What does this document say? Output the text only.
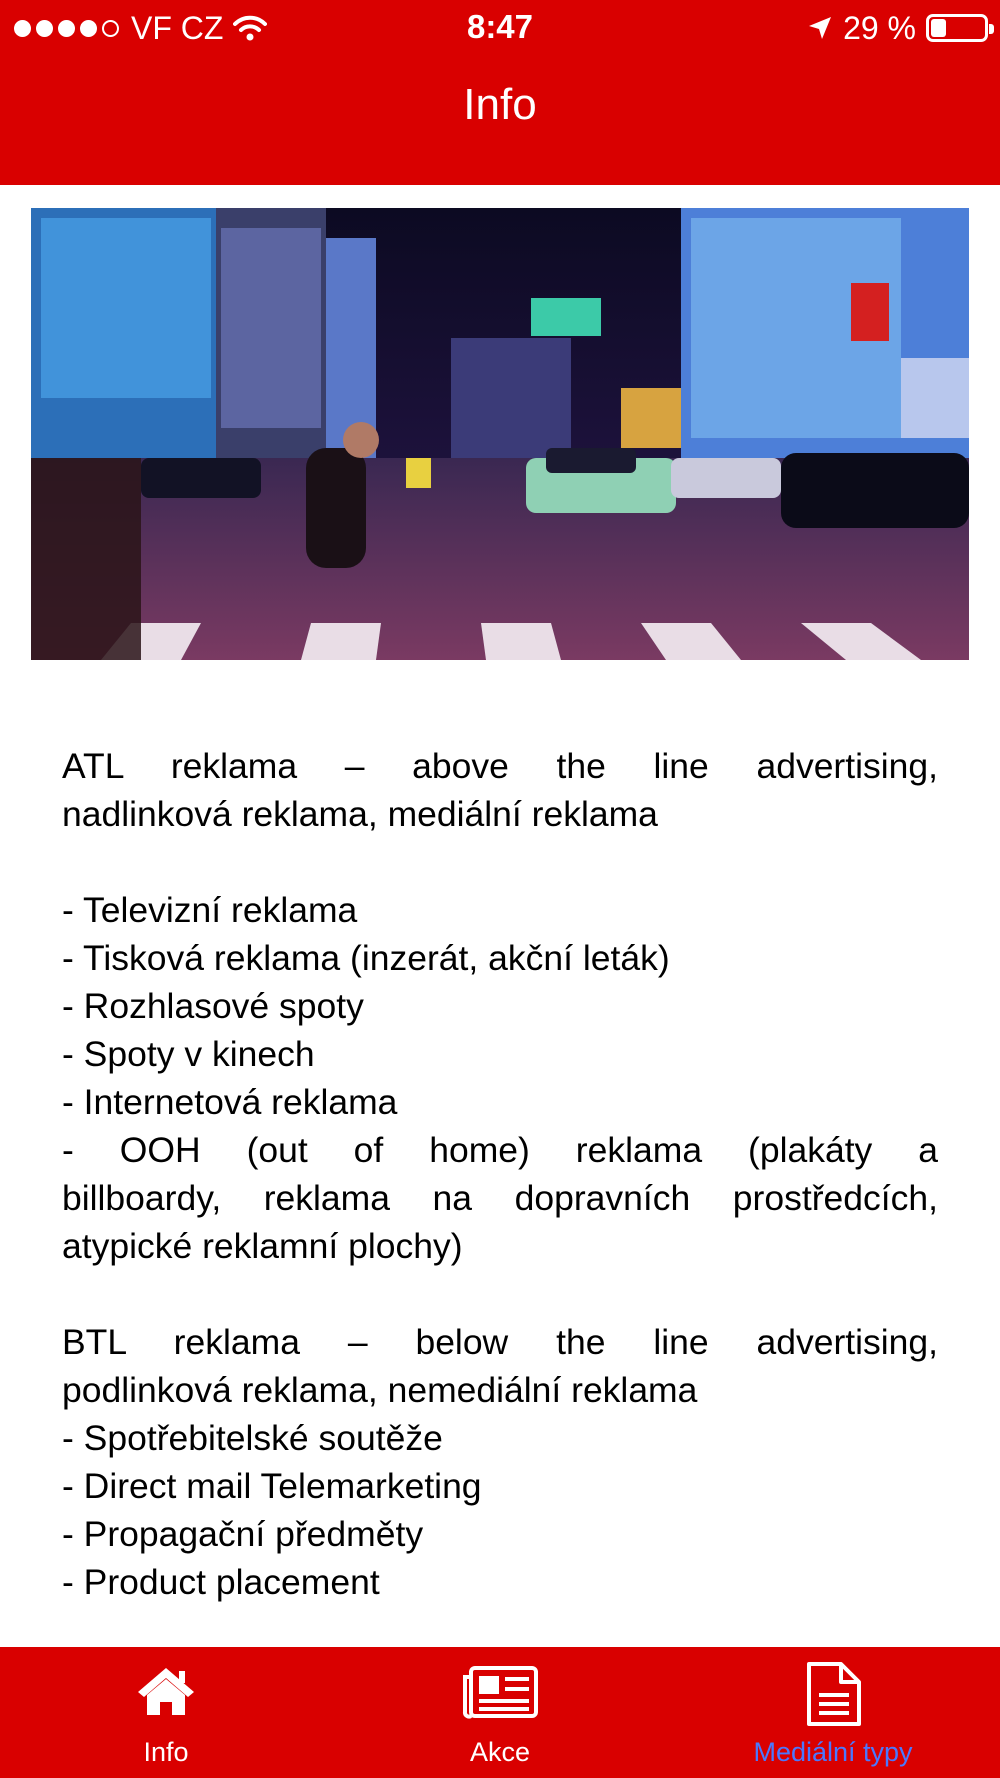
VF CZ	8:47	29 %
Info

ATL reklama – above the line advertising,

nadlinková reklama, mediální reklama

- Televizní reklama

- Tisková reklama (inzerát, akční leták)

- Rozhlasové spoty

- Spoty v kinech

- Internetová reklama

- OOH (out of home) reklama (plakáty a

billboardy, reklama na dopravních prostředcích,

atypické reklamní plochy)

BTL reklama – below the line advertising,

podlinková reklama, nemediální reklama

- Spotřebitelské soutěže

- Direct mail Telemarketing

- Propagační předměty

- Product placement

Info	Akce	Mediální typy
